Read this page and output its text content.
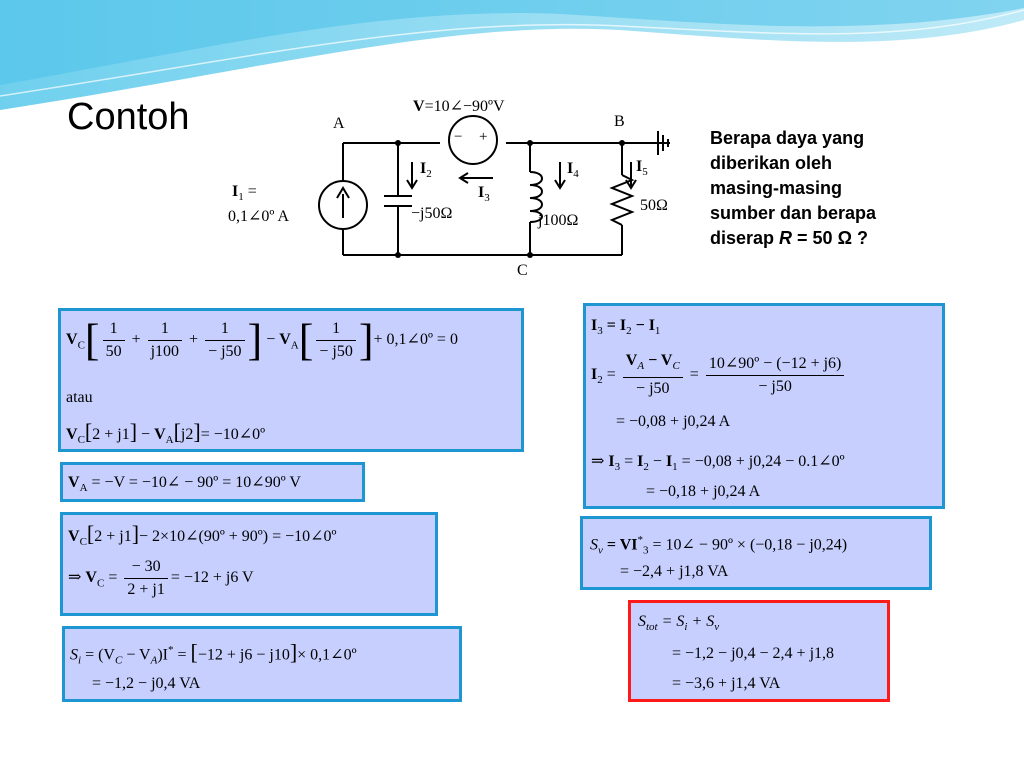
Contoh	Berapa daya yang
diberikan oleh
masing-masing
sumber dan berapa
diserap R = 50 Ω ?
V=10∠−90ºV
A	B
C
− +
$I_1$ =
0,1∠0º A
$I_2$
$I_3$
$I_4$	$I_5$
−j50Ω	j100Ω
50Ω
$V_C[ \frac{1}{50} + \frac{1}{j100} + \frac{1}{- j50}$ ] − $V_A[ \frac{1}{- j50}$ ]+ 0,1∠0º = 0
atau
$V_C[2 + j1] - V_A[j2]=$ −10∠0º
$V_A = -V$ = −10∠ − 90º = 10∠90º V
$V_C[2 + j1]-$ 2×10∠(90º + 90º) = −10∠0º
⇒ $V_C = \frac{- 30}{2 + j1} = -12 + j6$ V
$S_i = (V_C - V_A)I^* = [-12 + j6 - j10]\times$ 0,1∠0º
= −1,2 − j0,4 VA
$I_3 = I_2 - I_1$
$I_2 = \frac{V_A - V_C}{- j50} = \frac{\text{10∠90º − (−12 + j6)}}{- j50}$
= −0,08 + j0,24 A
⇒ $I_3 = I_2 - I_1 = -0,08 + j0,24$ − 0.1∠0º
= −0,18 + j0,24 A
$S_v = VI^*_3$ = 10∠ − 90º × (−0,18 − j0,24)
= −2,4 + j1,8 VA
$S_{tot} = S_i + S_v$
= −1,2 − j0,4 − 2,4 + j1,8
= −3,6 + j1,4 VA
